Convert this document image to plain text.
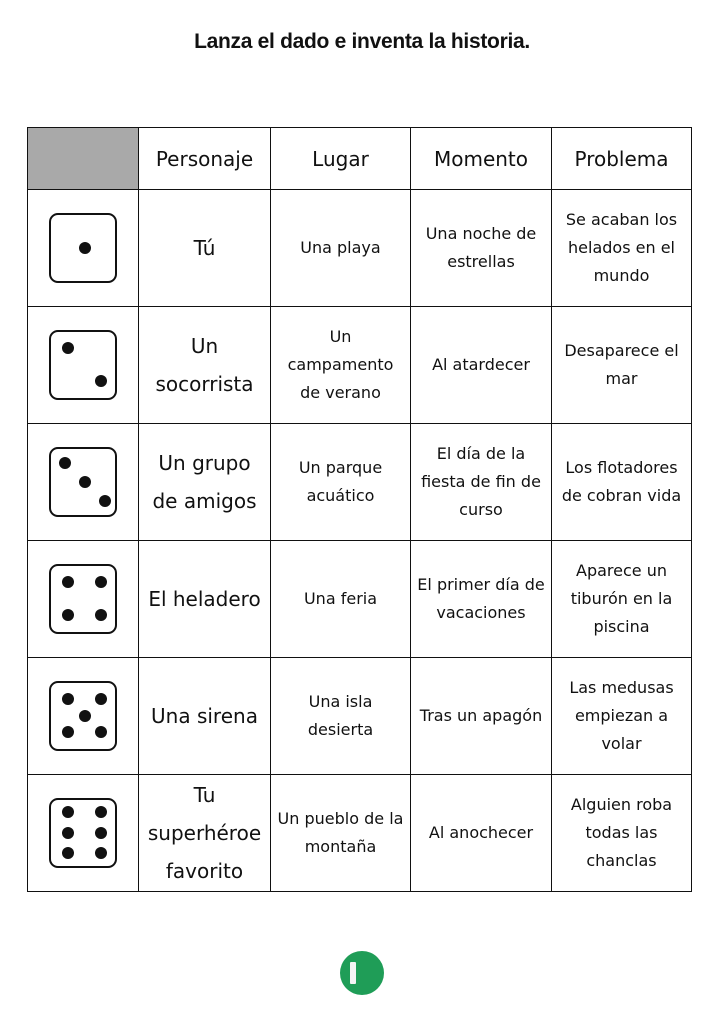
Lanza el dado e inventa la historia.
	Personaje	Lugar	Momento	Problema

	Tú	Una playa	Una noche de estrellas	Se acaban los helados en el mundo

	Un socorrista	Un campamento de verano	Al atardecer	Desaparece el mar

	Un grupo de amigos	Un parque acuático	El día de la fiesta de fin de curso	Los flotadores de cobran vida

	El heladero	Una feria	El primer día de vacaciones	Aparece un tiburón en la piscina

	Una sirena	Una isla desierta	Tras un apagón	Las medusas empiezan a volar

	Tu superhéroe favorito	Un pueblo de la montaña	Al anochecer	Alguien roba todas las chanclas
